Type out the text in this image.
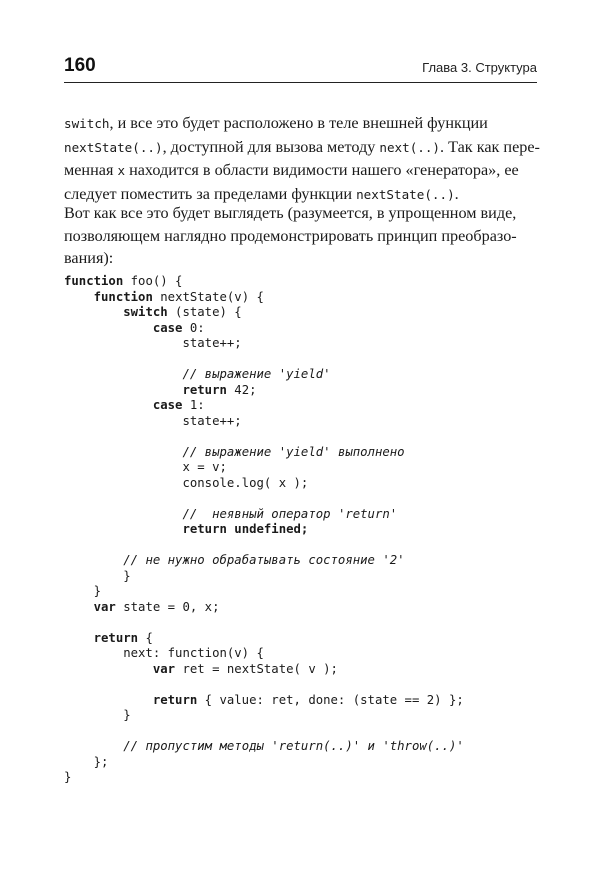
160	Глава 3. Структура

switch, и все это будет расположено в теле внешней функции
nextState(..), доступной для вызова методу next(..). Так как пере-
менная x находится в области видимости нашего «генератора», ее
следует поместить за пределами функции nextState(..).

Вот как все это будет выглядеть (разумеется, в упрощенном виде,
позволяющем наглядно продемонстрировать принцип преобразо-
вания):

function foo() {
function nextState(v) {
switch (state) {
case 0:
state++;
// выражение 'yield'
return 42;
case 1:
state++;
// выражение 'yield' выполнено
x = v;
console.log( x );
//  неявный оператор 'return'
return undefined;
// не нужно обрабатывать состояние '2'
}
}
var state = 0, x;
return {
next: function(v) {
var ret = nextState( v );
return { value: ret, done: (state == 2) };
}
// пропустим методы 'return(..)' и 'throw(..)'
};
}
